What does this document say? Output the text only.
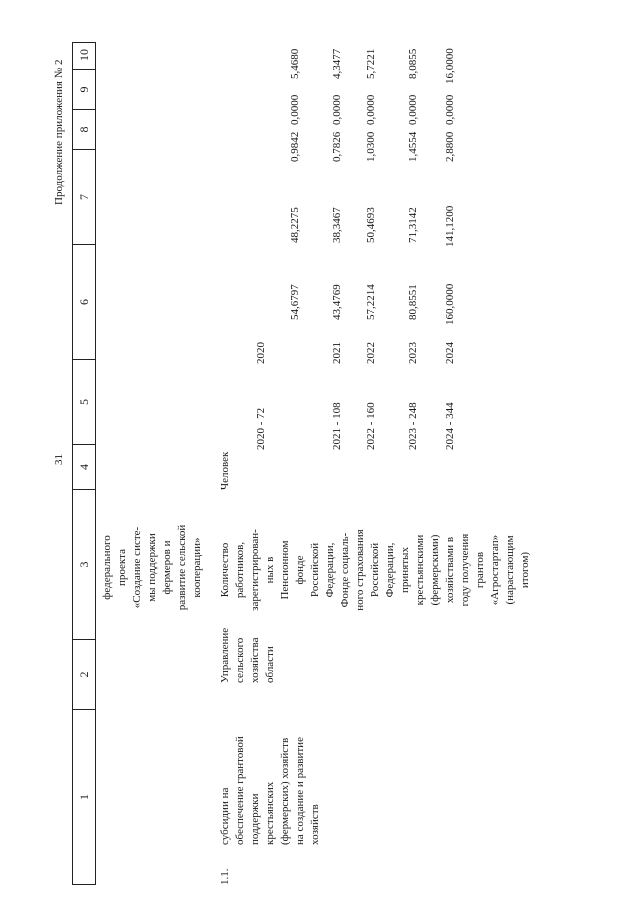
31
Продолжение приложения № 2
1
2
3
4
5
6
7
8
9
10
федерального проекта «Создание систе- мы поддержки фермеров и развитие сельской кооперации»
1.1.
субсидии на обеспечение грантовой поддержки крестьянских (фермерских) хозяйств на создание и развитие хозяйств
Управление сельского хозяйства области
Количество работников, зарегистрирован- ных в Пенсионном фонде Российской Федерации, Фонде социаль- ного страхования Российской Федерации, принятых крестьянскими (фермерскими) хозяйствами в году получения грантов «Агростартап» (нарастающим итогом)
Человек
2020 - 72
2020
54,6797
48,2275
0,9842
0,0000
5,4680
2021 - 108
2021
43,4769
38,3467
0,7826
0,0000
4,3477
2022 - 160
2022
57,2214
50,4693
1,0300
0,0000
5,7221
2023 - 248
2023
80,8551
71,3142
1,4554
0,0000
8,0855
2024 - 344
2024
160,0000
141,1200
2,8800
0,0000
16,0000
